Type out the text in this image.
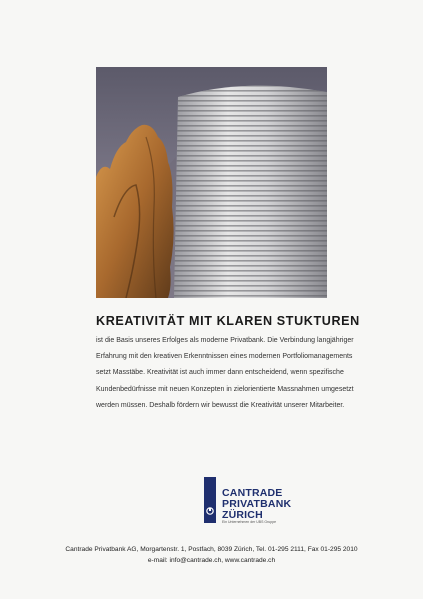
KREATIVITÄT MIT KLAREN STUKTUREN

ist die Basis unseres Erfolges als moderne Privatbank. Die Verbindung langjähriger

Erfahrung mit den kreativen Erkenntnissen eines modernen Portfoliomanagements

setzt Masstäbe. Kreativität ist auch immer dann entscheidend, wenn spezifische

Kundenbedürfnisse mit neuen Konzepten in zielorientierte Massnahmen umgesetzt

werden müssen. Deshalb fördern wir bewusst die Kreativität unserer Mitarbeiter.

CANTRADE
PRIVATBANK
ZÜRICH
Ein Unternehmen der UBS Gruppe
Cantrade Privatbank AG, Morgartenstr. 1, Postfach, 8039 Zürich, Tel. 01-295 2111, Fax 01-295 2010
e-mail: info@cantrade.ch, www.cantrade.ch
